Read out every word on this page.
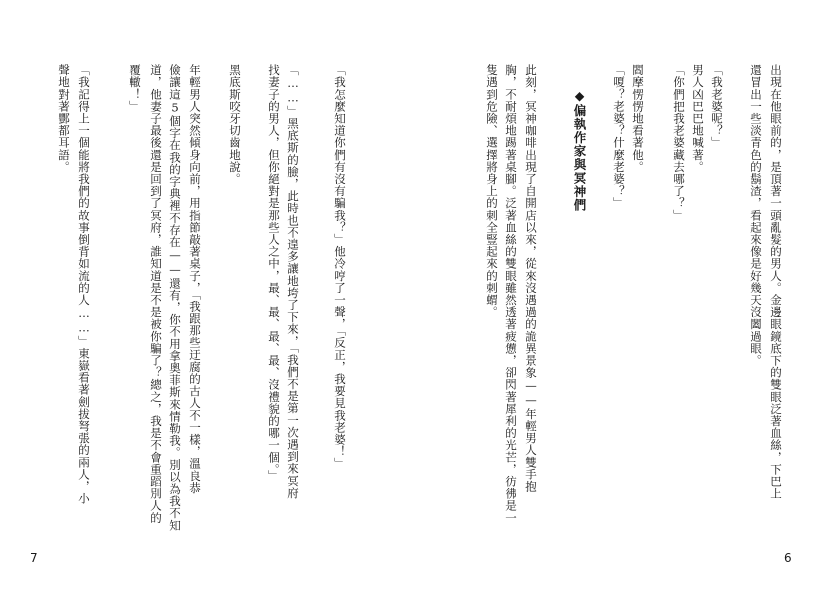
「我怎麼知道你們有沒有騙我？」他冷哼了一聲，「反正，我要見我老婆！」
「……」黑底斯的臉，此時也不遑多讓地垮了下來，「我們不是第一次遇到來冥府
找妻子的男人，但你絕對是那些人之中，最、最、最、最、沒禮貌的哪一個。」
黑底斯咬牙切齒地說。
年輕男人突然傾身向前，用指節敲著桌子，「我跟那些迂腐的古人不一樣，溫良恭
儉讓這5個字在我的字典裡不存在——還有，你不用拿奧菲斯來情勒我。別以為我不知
道，他妻子最後還是回到了冥府，誰知道是不是被你騙了？總之，我是不會重蹈別人的
覆轍！」
「我記得上一個能將我們的故事倒背如流的人……」東嶽看著劍拔弩張的兩人，小
聲地對著酆都耳語。
7
出現在他眼前的，是頂著一頭亂髮的男人。金邊眼鏡底下的雙眼泛著血絲，下巴上
還冒出一些淡青色的鬍渣，看起來像是好幾天沒闔過眼。
「我老婆呢？」
男人凶巴巴地喊著。
「你們把我老婆藏去哪了？」
閻摩愣愣地看著他。
「嗄？老婆？什麼老婆？」
◆偏執作家與冥神們
此刻，冥神咖啡出現了自開店以來，從來沒遇過的詭異景象——年輕男人雙手抱
胸，不耐煩地踢著桌腳。泛著血絲的雙眼雖然透著疲憊，卻閃著犀利的光芒，彷彿是一
隻遇到危險、選擇將身上的刺全豎起來的刺蝟。
6
